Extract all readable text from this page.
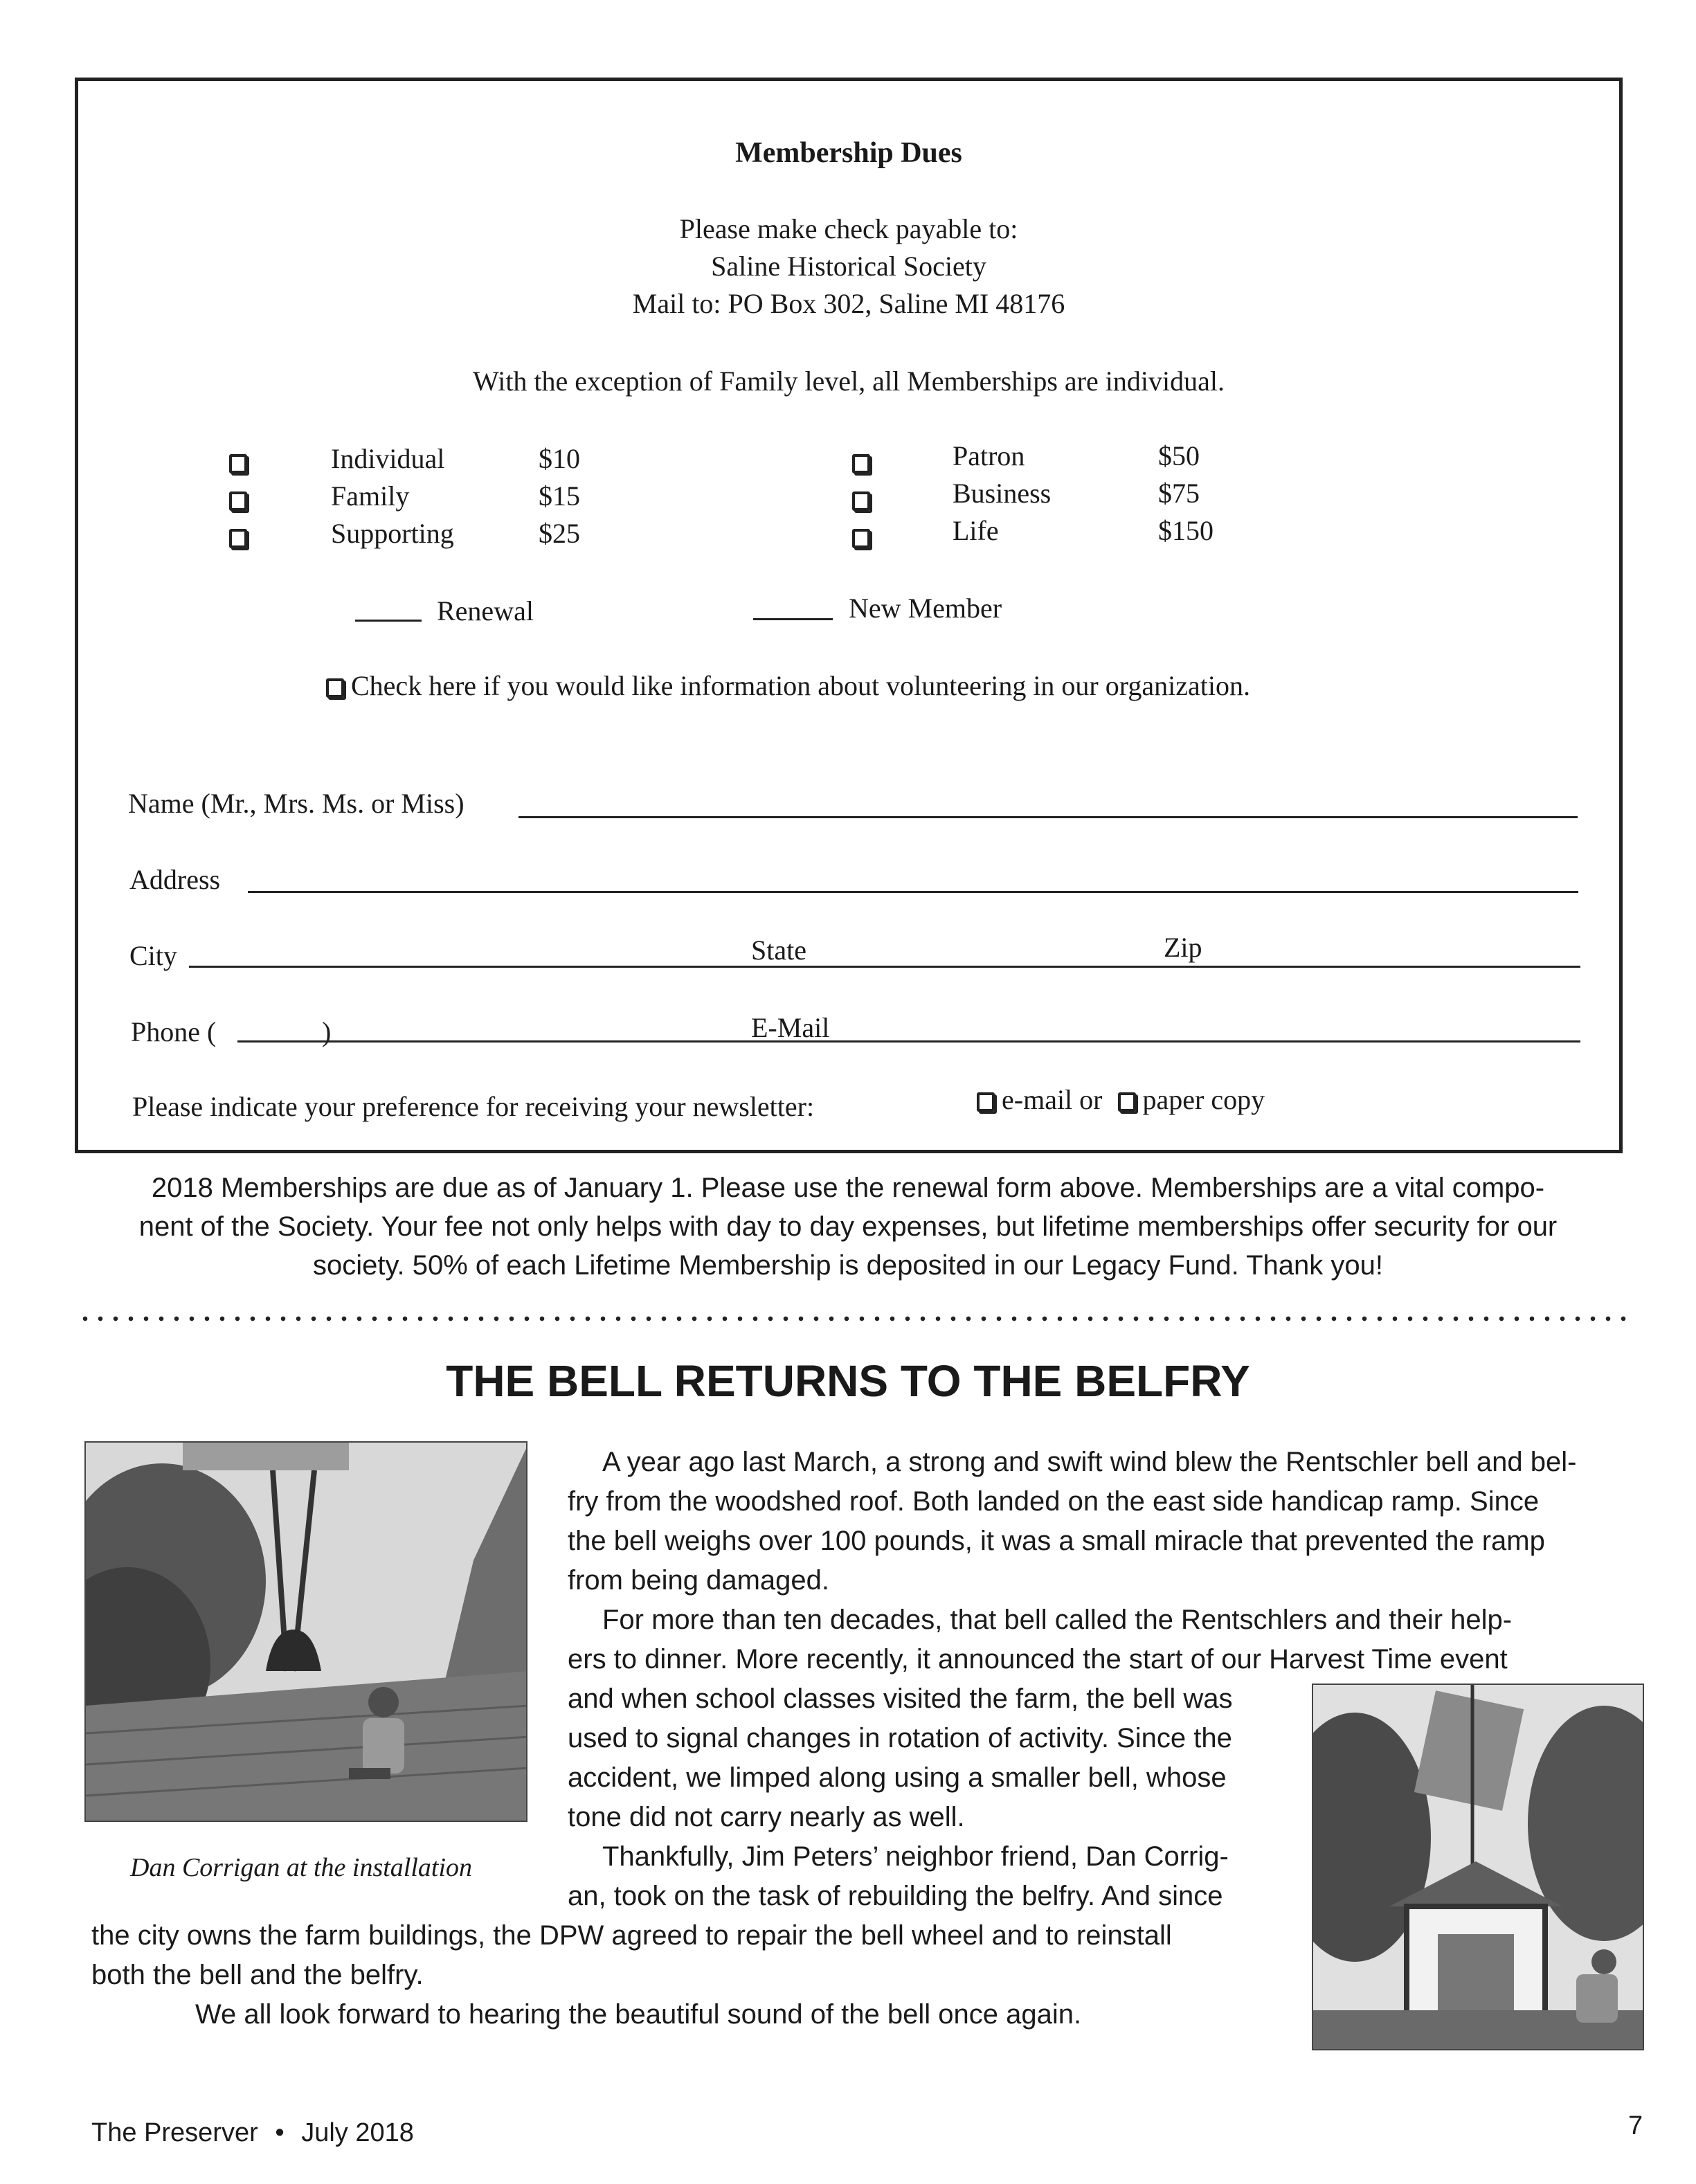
Membership Dues
Please make check payable to:
Saline Historical Society
Mail to: PO Box 302, Saline MI 48176
With the exception of Family level, all Memberships are individual.
Individual	$10
Family	$15
Supporting	$25
Patron	$50
Business	$75
Life	$150
Renewal	New Member
Check here if you would like information about volunteering in our organization.
Name (Mr., Mrs. Ms. or Miss)
Address
City	State	Zip
Phone (	)	E-Mail
Please indicate your preference for receiving your newsletter:	e-mail or paper copy
2018 Memberships are due as of January 1. Please use the renewal form above. Memberships are a vital compo-
nent of the Society. Your fee not only helps with day to day expenses, but lifetime memberships offer security for our
society. 50% of each Lifetime Membership is deposited in our Legacy Fund. Thank you!
THE BELL RETURNS TO THE BELFRY
Dan Corrigan at the installation
A year ago last March, a strong and swift wind blew the Rentschler bell and bel-
fry from the woodshed roof. Both landed on the east side handicap ramp. Since
the bell weighs over 100 pounds, it was a small miracle that prevented the ramp
from being damaged.
For more than ten decades, that bell called the Rentschlers and their help-
ers to dinner. More recently, it announced the start of our Harvest Time event
and when school classes visited the farm, the bell was
used to signal changes in rotation of activity. Since the
accident, we limped along using a smaller bell, whose
tone did not carry nearly as well.
Thankfully, Jim Peters’ neighbor friend, Dan Corrig-
an, took on the task of rebuilding the belfry. And since
the city owns the farm buildings, the DPW agreed to repair the bell wheel and to reinstall
both the bell and the belfry.
We all look forward to hearing the beautiful sound of the bell once again.
The Preserver • July 2018	7
